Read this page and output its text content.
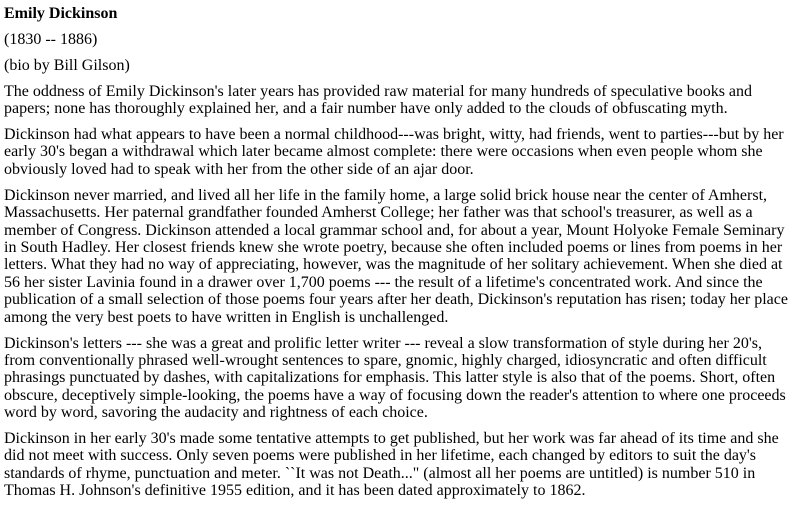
Emily Dickinson

(1830 -- 1886)

(bio by Bill Gilson)

The oddness of Emily Dickinson's later years has provided raw material for many hundreds of speculative books and papers; none has thoroughly explained her, and a fair number have only added to the clouds of obfuscating myth.

Dickinson had what appears to have been a normal childhood---was bright, witty, had friends, went to parties---but by her early 30's began a withdrawal which later became almost complete: there were occasions when even people whom she obviously loved had to speak with her from the other side of an ajar door.

Dickinson never married, and lived all her life in the family home, a large solid brick house near the center of Amherst, Massachusetts. Her paternal grandfather founded Amherst College; her father was that school's treasurer, as well as a member of Congress. Dickinson attended a local grammar school and, for about a year, Mount Holyoke Female Seminary in South Hadley. Her closest friends knew she wrote poetry, because she often included poems or lines from poems in her letters. What they had no way of appreciating, however, was the magnitude of her solitary achievement. When she died at 56 her sister Lavinia found in a drawer over 1,700 poems --- the result of a lifetime's concentrated work. And since the publication of a small selection of those poems four years after her death, Dickinson's reputation has risen; today her place among the very best poets to have written in English is unchallenged.

Dickinson's letters --- she was a great and prolific letter writer --- reveal a slow transformation of style during her 20's, from conventionally phrased well-wrought sentences to spare, gnomic, highly charged, idiosyncratic and often difficult phrasings punctuated by dashes, with capitalizations for emphasis. This latter style is also that of the poems. Short, often obscure, deceptively simple-looking, the poems have a way of focusing down the reader's attention to where one proceeds word by word, savoring the audacity and rightness of each choice.

Dickinson in her early 30's made some tentative attempts to get published, but her work was far ahead of its time and she did not meet with success. Only seven poems were published in her lifetime, each changed by editors to suit the day's standards of rhyme, punctuation and meter. ``It was not Death..." (almost all her poems are untitled) is number 510 in Thomas H. Johnson's definitive 1955 edition, and it has been dated approximately to 1862.
